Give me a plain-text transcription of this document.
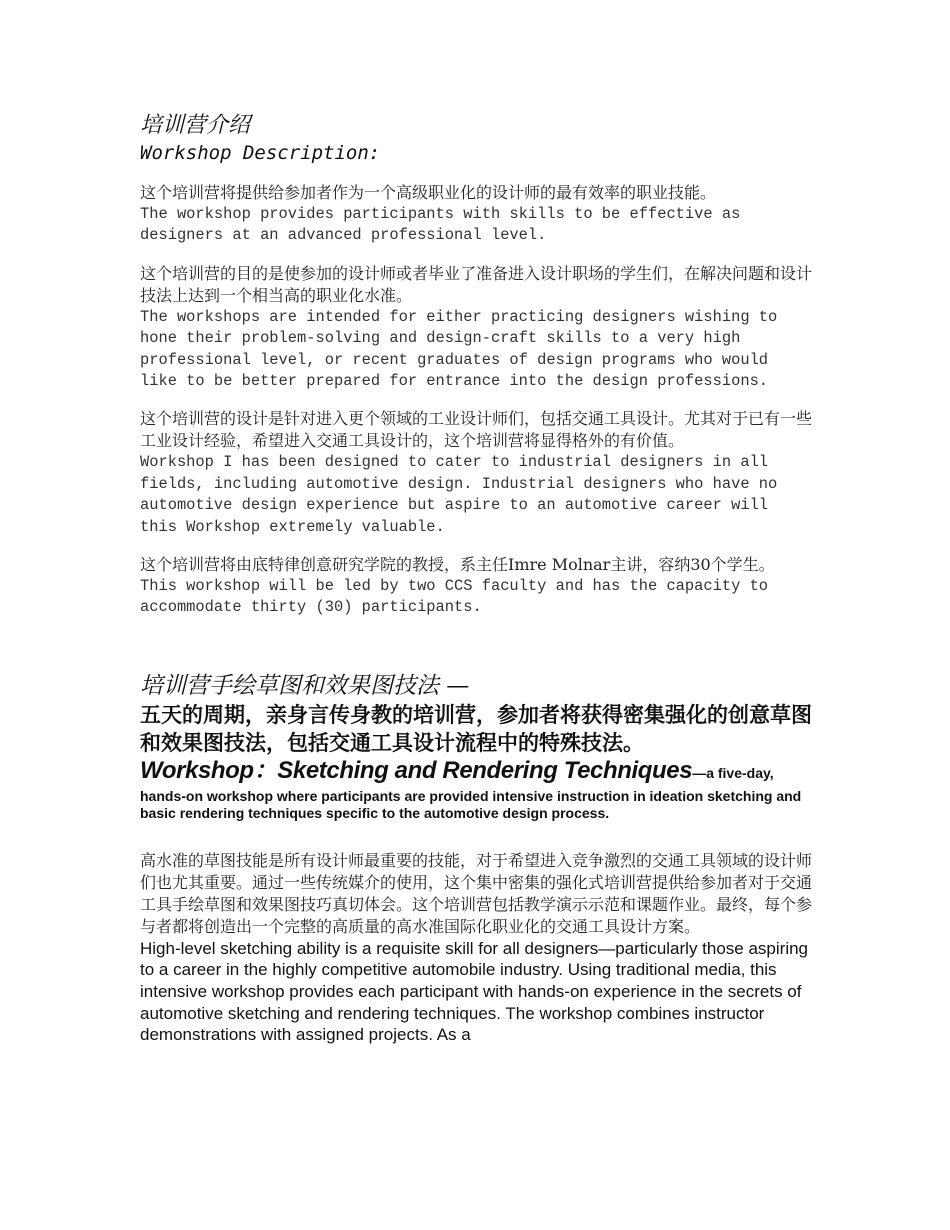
培训营介绍

Workshop Description:

这个培训营将提供给参加者作为一个高级职业化的设计师的最有效率的职业技能。

The workshop provides participants with skills to be effective as
designers at an advanced professional level.

这个培训营的目的是使参加的设计师或者毕业了准备进入设计职场的学生们，在解决问题和设计技法上达到一个相当高的职业化水准。

The workshops are intended for either practicing designers wishing to
hone their problem-solving and design-craft skills to a very high
professional level, or recent graduates of design programs who would
like to be better prepared for entrance into the design professions.

这个培训营的设计是针对进入更个领域的工业设计师们，包括交通工具设计。尤其对于已有一些工业设计经验，希望进入交通工具设计的，这个培训营将显得格外的有价值。

Workshop I has been designed to cater to industrial designers in all
fields, including automotive design. Industrial designers who have no
automotive design experience but aspire to an automotive career will
this Workshop extremely valuable.

这个培训营将由底特律创意研究学院的教授，系主任Imre Molnar主讲，容纳30个学生。

This workshop will be led by two CCS faculty and has the capacity to
accommodate thirty (30) participants.

培训营手绘草图和效果图技法 —

五天的周期，亲身言传身教的培训营，参加者将获得密集强化的创意草图和效果图技法，包括交通工具设计流程中的特殊技法。

Workshop：Sketching and Rendering Techniques—a five-day,

hands-on workshop where participants are provided intensive instruction in ideation sketching and basic rendering techniques specific to the automotive design process.

高水准的草图技能是所有设计师最重要的技能，对于希望进入竞争激烈的交通工具领域的设计师们也尤其重要。通过一些传统媒介的使用，这个集中密集的强化式培训营提供给参加者对于交通工具手绘草图和效果图技巧真切体会。这个培训营包括教学演示示范和课题作业。最终，每个参与者都将创造出一个完整的高质量的高水准国际化职业化的交通工具设计方案。

High-level sketching ability is a requisite skill for all designers—particularly those aspiring to a career in the highly competitive automobile industry. Using traditional media, this intensive workshop provides each participant with hands-on experience in the secrets of automotive sketching and rendering techniques. The workshop combines instructor demonstrations with assigned projects. As a
